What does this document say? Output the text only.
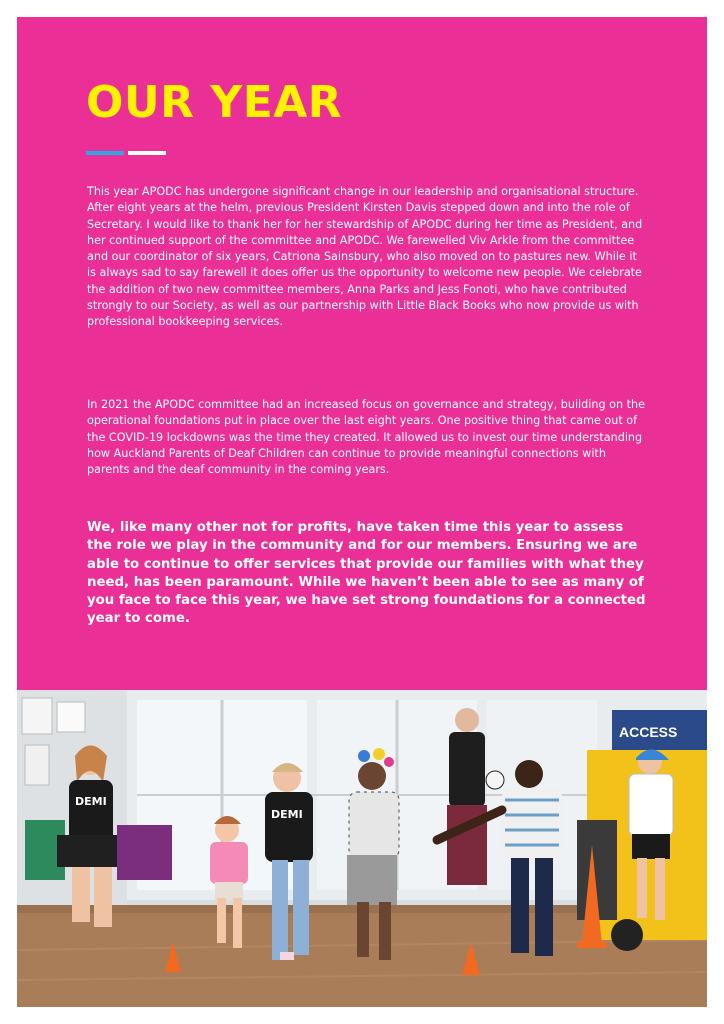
OUR YEAR

This year APODC has undergone significant change in our leadership and organisational structure. After eight years at the helm, previous President Kirsten Davis stepped down and into the role of Secretary. I would like to thank her for her stewardship of APODC during her time as President, and her continued support of the committee and APODC. We farewelled Viv Arkle from the committee and our coordinator of six years, Catriona Sainsbury, who also moved on to pastures new. While it is always sad to say farewell it does offer us the opportunity to welcome new people. We celebrate the addition of two new committee members, Anna Parks and Jess Fonoti, who have contributed strongly to our Society, as well as our partnership with Little Black Books who now provide us with professional bookkeeping services.

In 2021 the APODC committee had an increased focus on governance and strategy, building on the operational foundations put in place over the last eight years. One positive thing that came out of the COVID-19 lockdowns was the time they created. It allowed us to invest our time understanding how Auckland Parents of Deaf Children can continue to provide meaningful connections with parents and the deaf community in the coming years.

We, like many other not for profits, have taken time this year to assess the role we play in the community and for our members. Ensuring we are able to continue to offer services that provide our families with what they need, has been paramount. While we haven’t been able to see as many of you face to face this year, we have set strong foundations for a connected year to come.

ACCESS
DEMI
DEMI
